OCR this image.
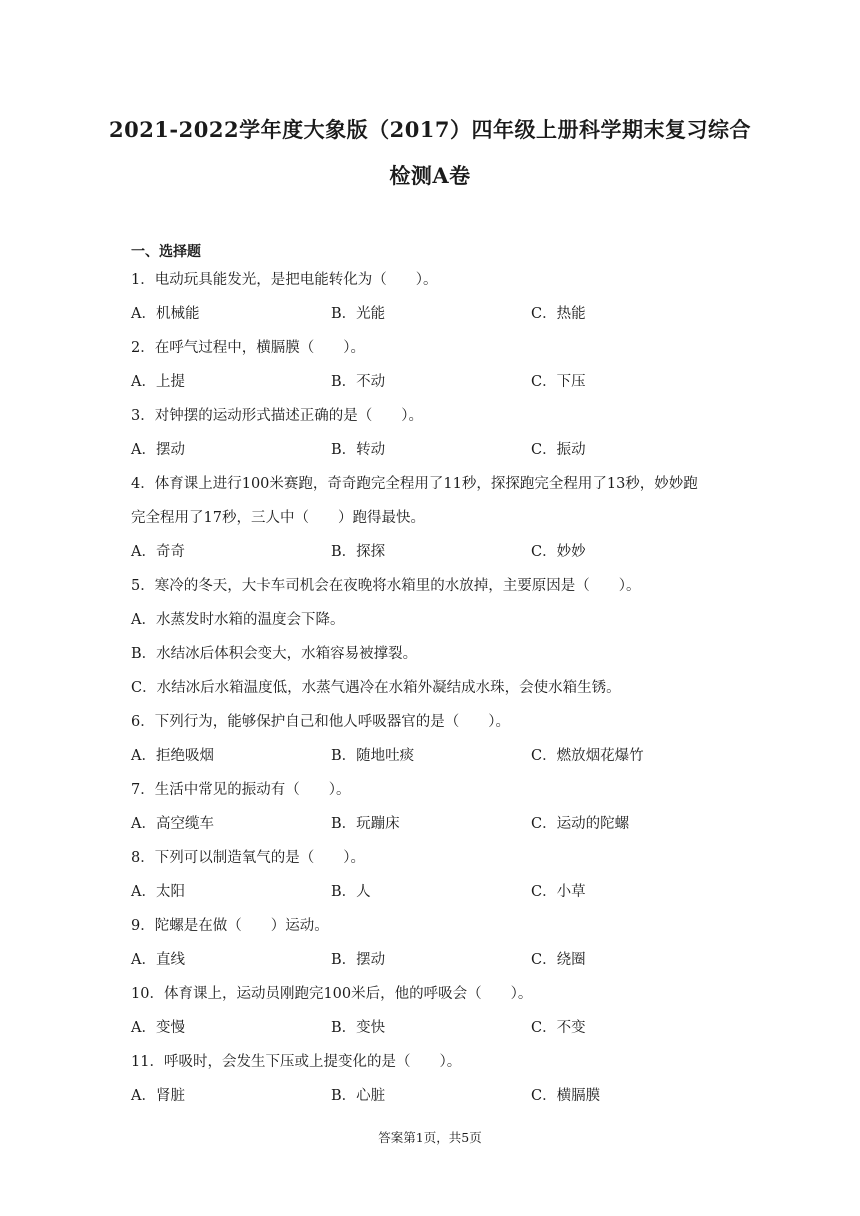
2021-2022学年度大象版（2017）四年级上册科学期末复习综合
检测A卷
一、选择题
1．电动玩具能发光，是把电能转化为（　　）。
A．机械能	B．光能	C．热能
2．在呼气过程中，横膈膜（　　）。
A．上提	B．不动	C．下压
3．对钟摆的运动形式描述正确的是（　　）。
A．摆动	B．转动	C．振动
4．体育课上进行100米赛跑，奇奇跑完全程用了11秒，探探跑完全程用了13秒，妙妙跑
完全程用了17秒，三人中（　　）跑得最快。
A．奇奇	B．探探	C．妙妙
5．寒冷的冬天，大卡车司机会在夜晚将水箱里的水放掉，主要原因是（　　）。
A．水蒸发时水箱的温度会下降。
B．水结冰后体积会变大，水箱容易被撑裂。
C．水结冰后水箱温度低，水蒸气遇冷在水箱外凝结成水珠，会使水箱生锈。
6．下列行为，能够保护自己和他人呼吸器官的是（　　）。
A．拒绝吸烟	B．随地吐痰	C．燃放烟花爆竹
7．生活中常见的振动有（　　）。
A．高空缆车	B．玩蹦床	C．运动的陀螺
8．下列可以制造氧气的是（　　）。
A．太阳	B．人	C．小草
9．陀螺是在做（　　）运动。
A．直线	B．摆动	C．绕圈
10．体育课上，运动员刚跑完100米后，他的呼吸会（　　）。
A．变慢	B．变快	C．不变
11．呼吸时，会发生下压或上提变化的是（　　）。
A．肾脏	B．心脏	C．横膈膜
答案第1页，共5页
